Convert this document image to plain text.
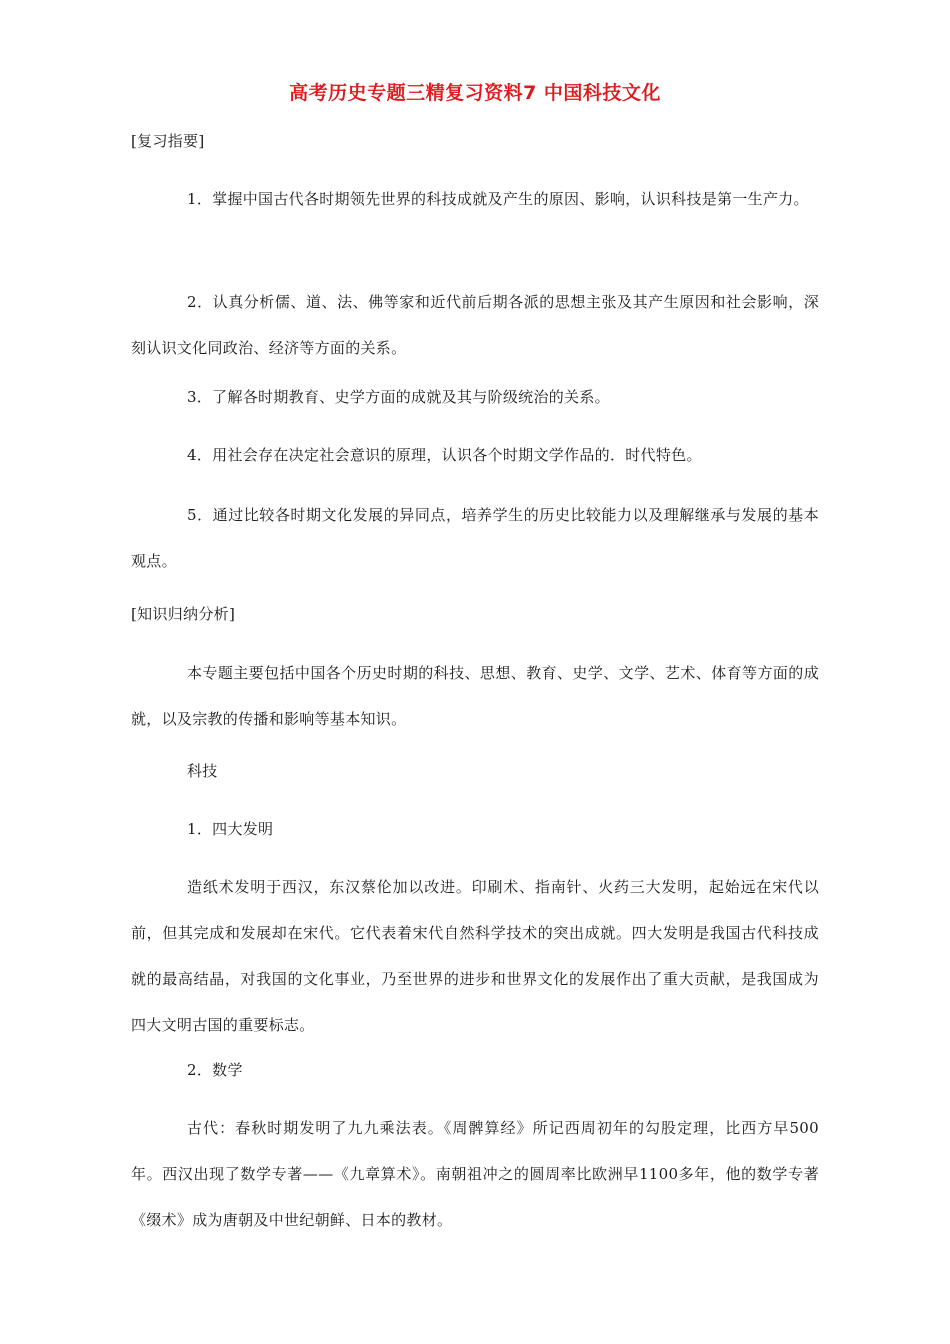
高考历史专题三精复习资料7 中国科技文化

[复习指要]

1．掌握中国古代各时期领先世界的科技成就及产生的原因、影响，认识科技是第一生产力。

2．认真分析儒、道、法、佛等家和近代前后期各派的思想主张及其产生原因和社会影响，深刻认识文化同政治、经济等方面的关系。

3．了解各时期教育、史学方面的成就及其与阶级统治的关系。

4．用社会存在决定社会意识的原理，认识各个时期文学作品的．时代特色。

5．通过比较各时期文化发展的异同点，培养学生的历史比较能力以及理解继承与发展的基本观点。

[知识归纳分析]

本专题主要包括中国各个历史时期的科技、思想、教育、史学、文学、艺术、体育等方面的成就，以及宗教的传播和影响等基本知识。

科技

1．四大发明

造纸术发明于西汉，东汉蔡伦加以改进。印刷术、指南针、火药三大发明，起始远在宋代以前，但其完成和发展却在宋代。它代表着宋代自然科学技术的突出成就。四大发明是我国古代科技成就的最高结晶，对我国的文化事业，乃至世界的进步和世界文化的发展作出了重大贡献，是我国成为四大文明古国的重要标志。

2．数学

古代：春秋时期发明了九九乘法表。《周髀算经》所记西周初年的勾股定理，比西方早500年。西汉出现了数学专著——《九章算术》。南朝祖冲之的圆周率比欧洲早1100多年，他的数学专著《缀术》成为唐朝及中世纪朝鲜、日本的教材。
